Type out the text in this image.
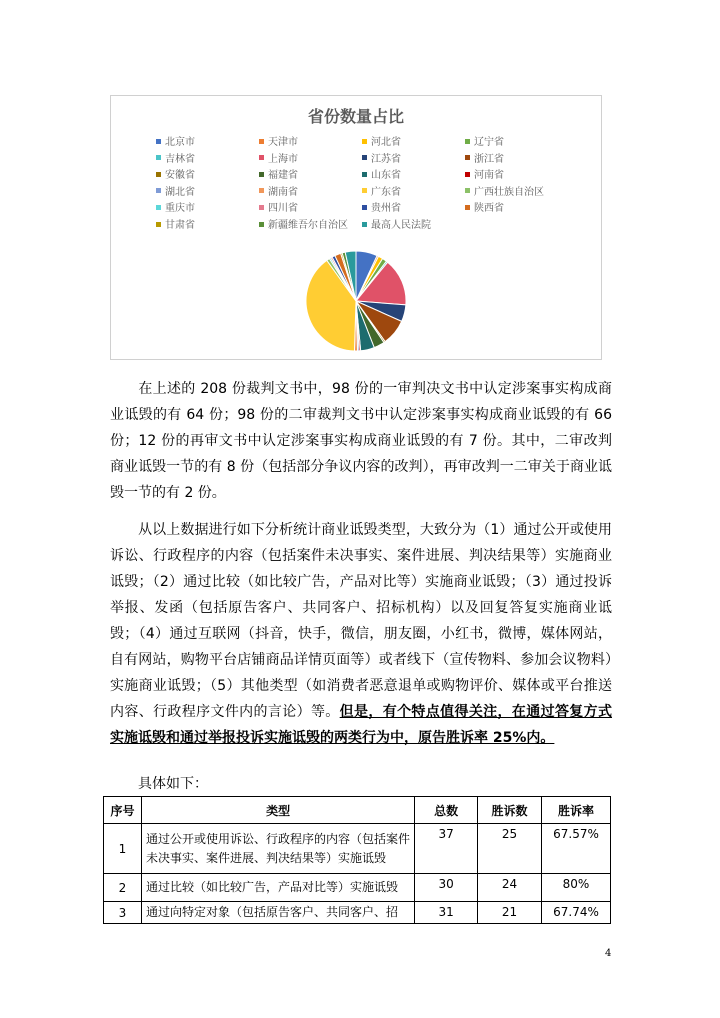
省份数量占比
北京市	天津市	河北省	辽宁省
吉林省	上海市	江苏省	浙江省
安徽省	福建省	山东省	河南省
湖北省	湖南省	广东省	广西壮族自治区
重庆市	四川省	贵州省	陕西省
甘肃省	新疆维吾尔自治区	最高人民法院

在上述的 208 份裁判文书中，98 份的一审判决文书中认定涉案事实构成商业诋毁的有 64 份；98 份的二审裁判文书中认定涉案事实构成商业诋毁的有 66 份；12 份的再审文书中认定涉案事实构成商业诋毁的有 7 份。其中，二审改判商业诋毁一节的有 8 份（包括部分争议内容的改判），再审改判一二审关于商业诋毁一节的有 2 份。

从以上数据进行如下分析统计商业诋毁类型，大致分为（1）通过公开或使用诉讼、行政程序的内容（包括案件未决事实、案件进展、判决结果等）实施商业诋毁；（2）通过比较（如比较广告，产品对比等）实施商业诋毁；（3）通过投诉举报、发函（包括原告客户、共同客户、招标机构）以及回复答复实施商业诋毁；（4）通过互联网（抖音，快手，微信，朋友圈，小红书，微博，媒体网站，自有网站，购物平台店铺商品详情页面等）或者线下（宣传物料、参加会议物料）实施商业诋毁；（5）其他类型（如消费者恶意退单或购物评价、媒体或平台推送内容、行政程序文件内的言论）等。但是，有个特点值得关注，在通过答复方式实施诋毁和通过举报投诉实施诋毁的两类行为中，原告胜诉率 25%内。

具体如下：

序号	类型	总数	胜诉数	胜诉率
1	通过公开或使用诉讼、行政程序的内容（包括案件未决事实、案件进展、判决结果等）实施诋毁	37	25	67.57%
2	通过比较（如比较广告，产品对比等）实施诋毁	30	24	80%
3	通过向特定对象（包括原告客户、共同客户、招	31	21	67.74%
4
